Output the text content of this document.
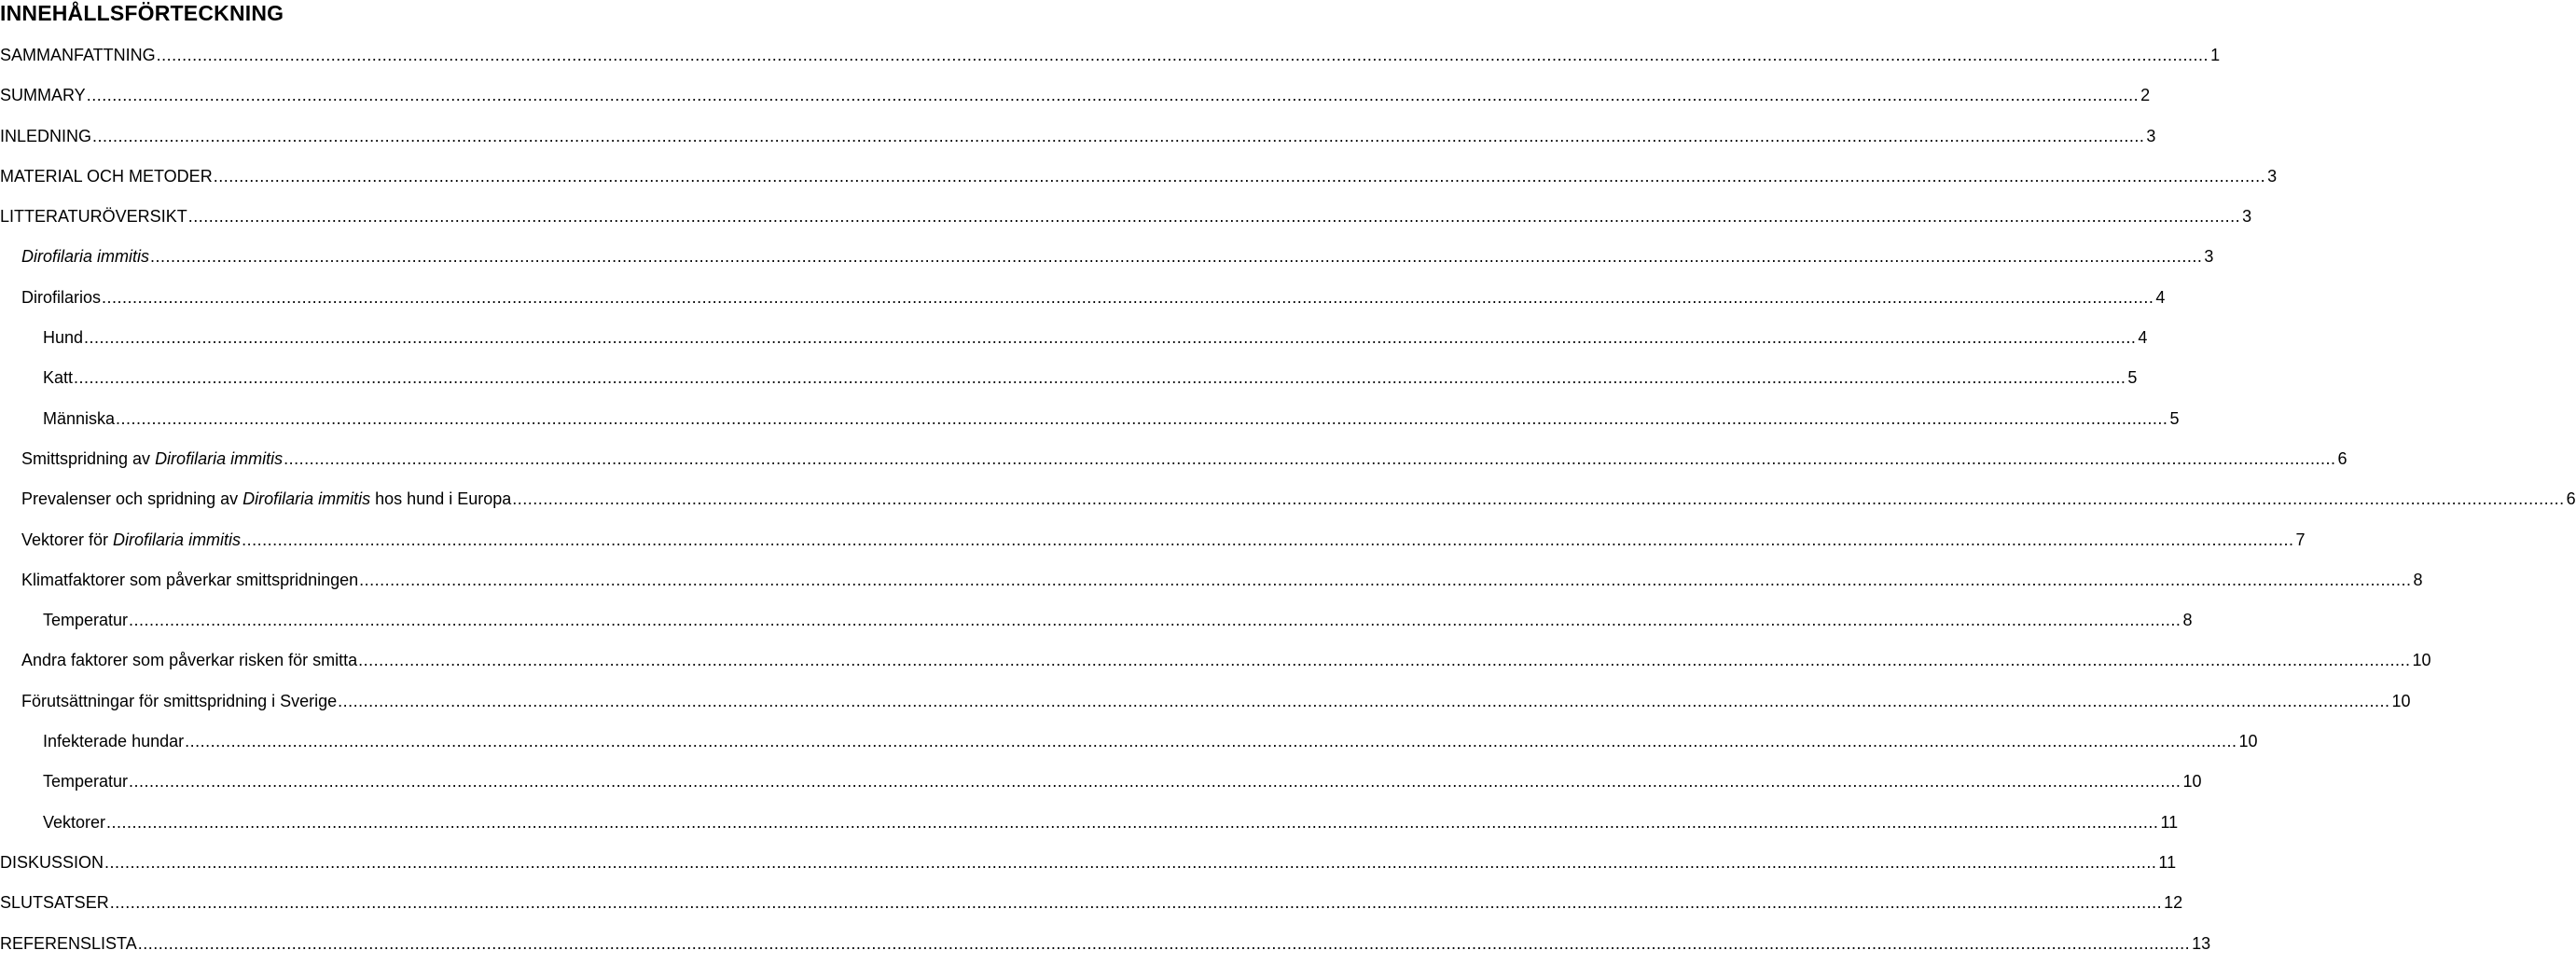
INNEHÅLLSFÖRTECKNING
SAMMANFATTNING ................................................................................................................................................................................................................................................................................................................................................................................................................ 1
SUMMARY ................................................................................................................................................................................................................................................................................................................................................................................................................ 2
INLEDNING ................................................................................................................................................................................................................................................................................................................................................................................................................ 3
MATERIAL OCH METODER ................................................................................................................................................................................................................................................................................................................................................................................................................ 3
LITTERATURÖVERSIKT ................................................................................................................................................................................................................................................................................................................................................................................................................ 3
Dirofilaria immitis ................................................................................................................................................................................................................................................................................................................................................................................................................ 3
Dirofilarios ................................................................................................................................................................................................................................................................................................................................................................................................................ 4
Hund ................................................................................................................................................................................................................................................................................................................................................................................................................ 4
Katt ................................................................................................................................................................................................................................................................................................................................................................................................................ 5
Människa ................................................................................................................................................................................................................................................................................................................................................................................................................ 5
Smittspridning av Dirofilaria immitis ................................................................................................................................................................................................................................................................................................................................................................................................................ 6
Prevalenser och spridning av Dirofilaria immitis hos hund i Europa ................................................................................................................................................................................................................................................................................................................................................................................................................ 6
Vektorer för Dirofilaria immitis ................................................................................................................................................................................................................................................................................................................................................................................................................ 7
Klimatfaktorer som påverkar smittspridningen ................................................................................................................................................................................................................................................................................................................................................................................................................ 8
Temperatur ................................................................................................................................................................................................................................................................................................................................................................................................................ 8
Andra faktorer som påverkar risken för smitta ................................................................................................................................................................................................................................................................................................................................................................................................................ 10
Förutsättningar för smittspridning i Sverige ................................................................................................................................................................................................................................................................................................................................................................................................................ 10
Infekterade hundar ................................................................................................................................................................................................................................................................................................................................................................................................................ 10
Temperatur ................................................................................................................................................................................................................................................................................................................................................................................................................ 10
Vektorer ................................................................................................................................................................................................................................................................................................................................................................................................................ 11
DISKUSSION ................................................................................................................................................................................................................................................................................................................................................................................................................ 11
SLUTSATSER ................................................................................................................................................................................................................................................................................................................................................................................................................ 12
REFERENSLISTA ................................................................................................................................................................................................................................................................................................................................................................................................................ 13
